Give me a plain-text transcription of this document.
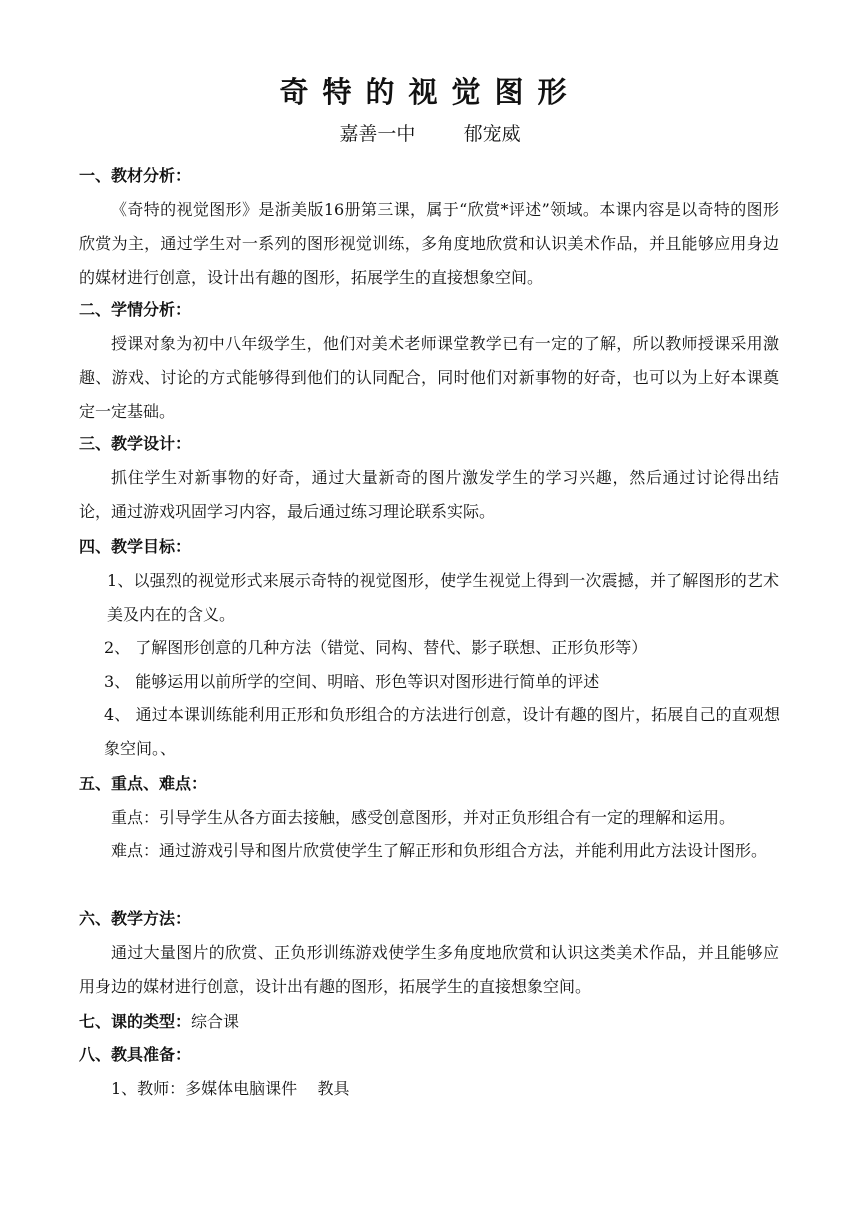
奇特的视觉图形
嘉善一中        郁宠威
一、教材分析：

《奇特的视觉图形》是浙美版16册第三课，属于“欣赏*评述”领域。本课内容是以奇特的图形欣赏为主，通过学生对一系列的图形视觉训练，多角度地欣赏和认识美术作品，并且能够应用身边的媒材进行创意，设计出有趣的图形，拓展学生的直接想象空间。

二、学情分析：

授课对象为初中八年级学生，他们对美术老师课堂教学已有一定的了解，所以教师授课采用激趣、游戏、讨论的方式能够得到他们的认同配合，同时他们对新事物的好奇，也可以为上好本课奠定一定基础。

三、教学设计：

抓住学生对新事物的好奇，通过大量新奇的图片激发学生的学习兴趣，然后通过讨论得出结论，通过游戏巩固学习内容，最后通过练习理论联系实际。

四、教学目标：

1、以强烈的视觉形式来展示奇特的视觉图形，使学生视觉上得到一次震撼，并了解图形的艺术美及内在的含义。

2、 了解图形创意的几种方法（错觉、同构、替代、影子联想、正形负形等）
3、 能够运用以前所学的空间、明暗、形色等识对图形进行简单的评述

4、 通过本课训练能利用正形和负形组合的方法进行创意，设计有趣的图片，拓展自己的直观想象空间。、

五、重点、难点：
重点：引导学生从各方面去接触，感受创意图形，并对正负形组合有一定的理解和运用。

难点：通过游戏引导和图片欣赏使学生了解正形和负形组合方法，并能利用此方法设计图形。

六、教学方法：

通过大量图片的欣赏、正负形训练游戏使学生多角度地欣赏和认识这类美术作品，并且能够应用身边的媒材进行创意，设计出有趣的图形，拓展学生的直接想象空间。

七、课的类型：综合课
八、教具准备：
1、教师：多媒体电脑课件    教具
